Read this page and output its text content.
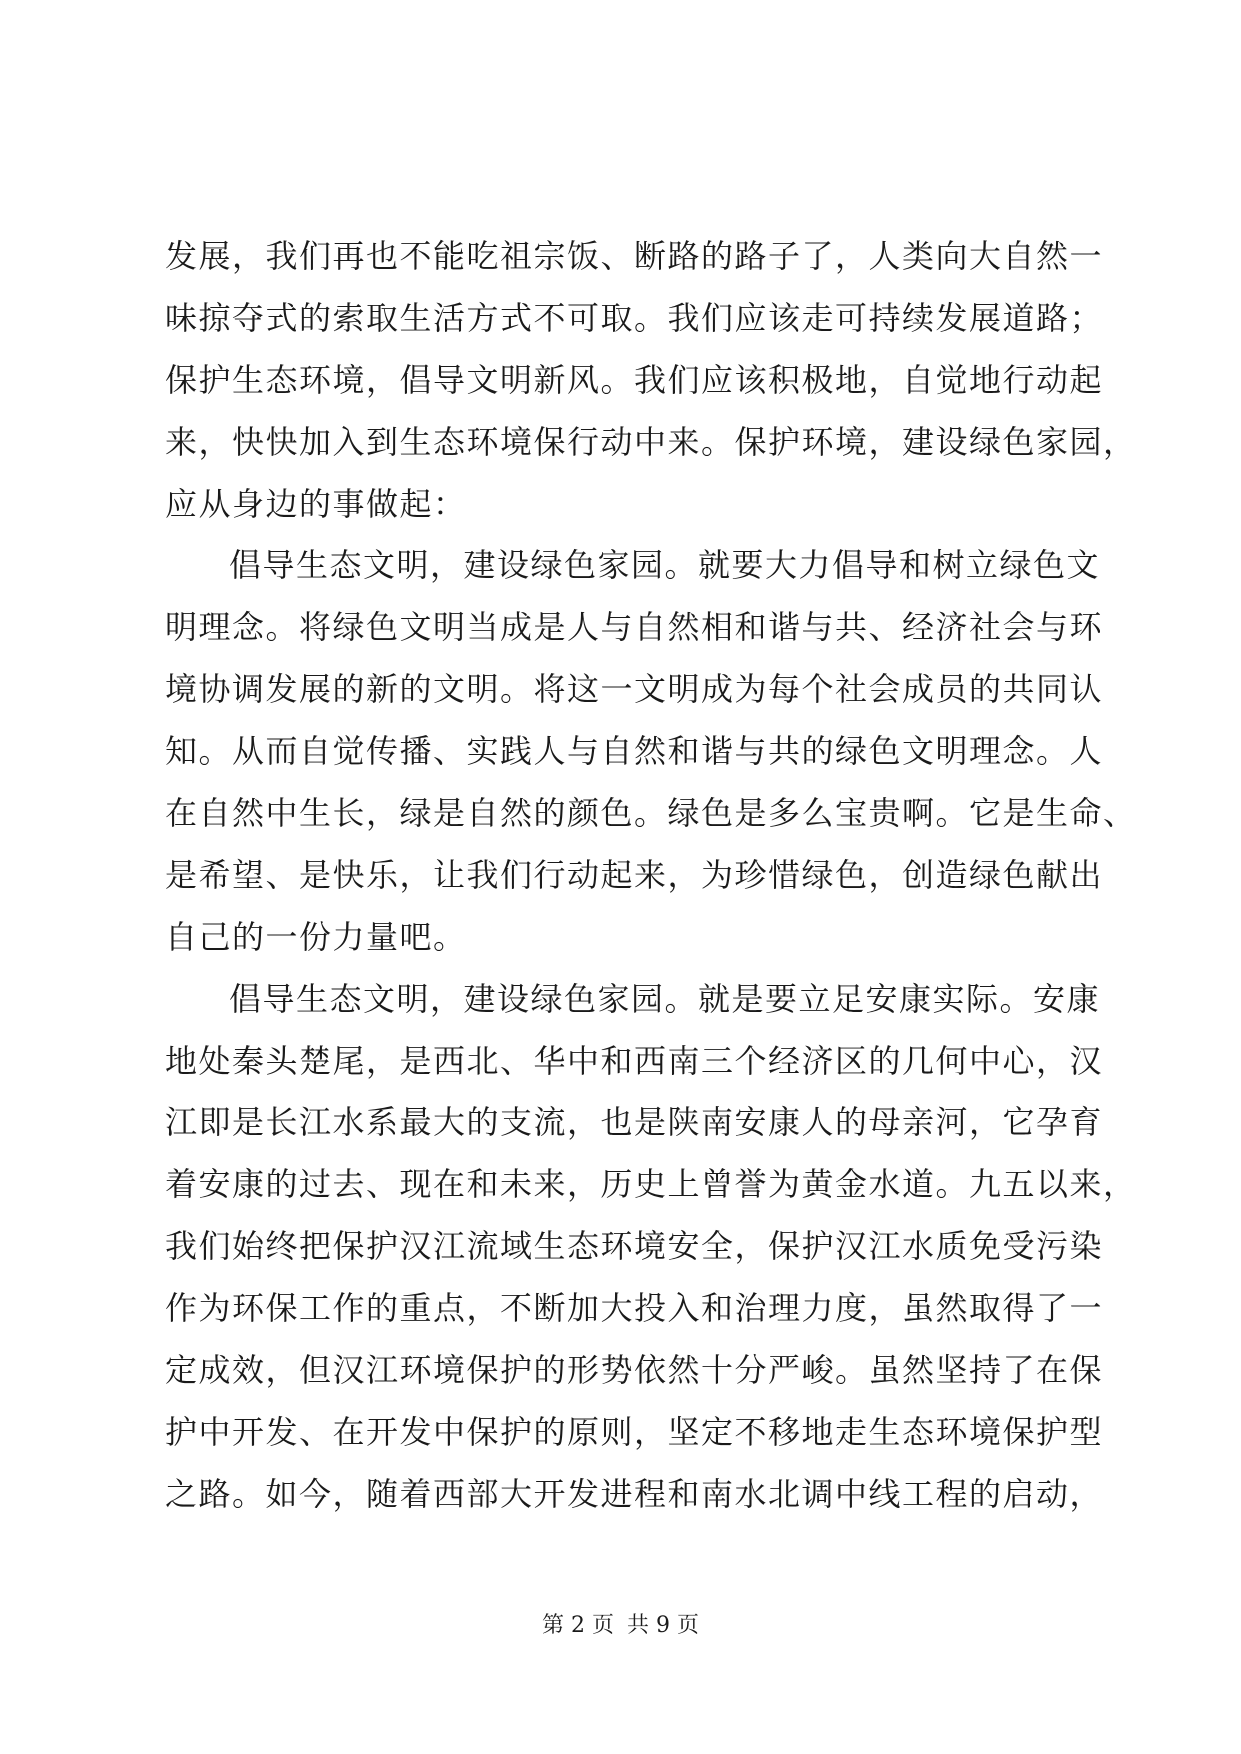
发展，我们再也不能吃祖宗饭、断路的路子了，人类向大自然一
味掠夺式的索取生活方式不可取。我们应该走可持续发展道路；
保护生态环境，倡导文明新风。我们应该积极地，自觉地行动起
来，快快加入到生态环境保行动中来。保护环境，建设绿色家园，
应从身边的事做起：
倡导生态文明，建设绿色家园。就要大力倡导和树立绿色文
明理念。将绿色文明当成是人与自然相和谐与共、经济社会与环
境协调发展的新的文明。将这一文明成为每个社会成员的共同认
知。从而自觉传播、实践人与自然和谐与共的绿色文明理念。人
在自然中生长，绿是自然的颜色。绿色是多么宝贵啊。它是生命、
是希望、是快乐，让我们行动起来，为珍惜绿色，创造绿色献出
自己的一份力量吧。
倡导生态文明，建设绿色家园。就是要立足安康实际。安康
地处秦头楚尾，是西北、华中和西南三个经济区的几何中心，汉
江即是长江水系最大的支流，也是陕南安康人的母亲河，它孕育
着安康的过去、现在和未来，历史上曾誉为黄金水道。九五以来，
我们始终把保护汉江流域生态环境安全，保护汉江水质免受污染
作为环保工作的重点，不断加大投入和治理力度，虽然取得了一
定成效，但汉江环境保护的形势依然十分严峻。虽然坚持了在保
护中开发、在开发中保护的原则，坚定不移地走生态环境保护型
之路。如今，随着西部大开发进程和南水北调中线工程的启动，
第 2 页 共 9 页
